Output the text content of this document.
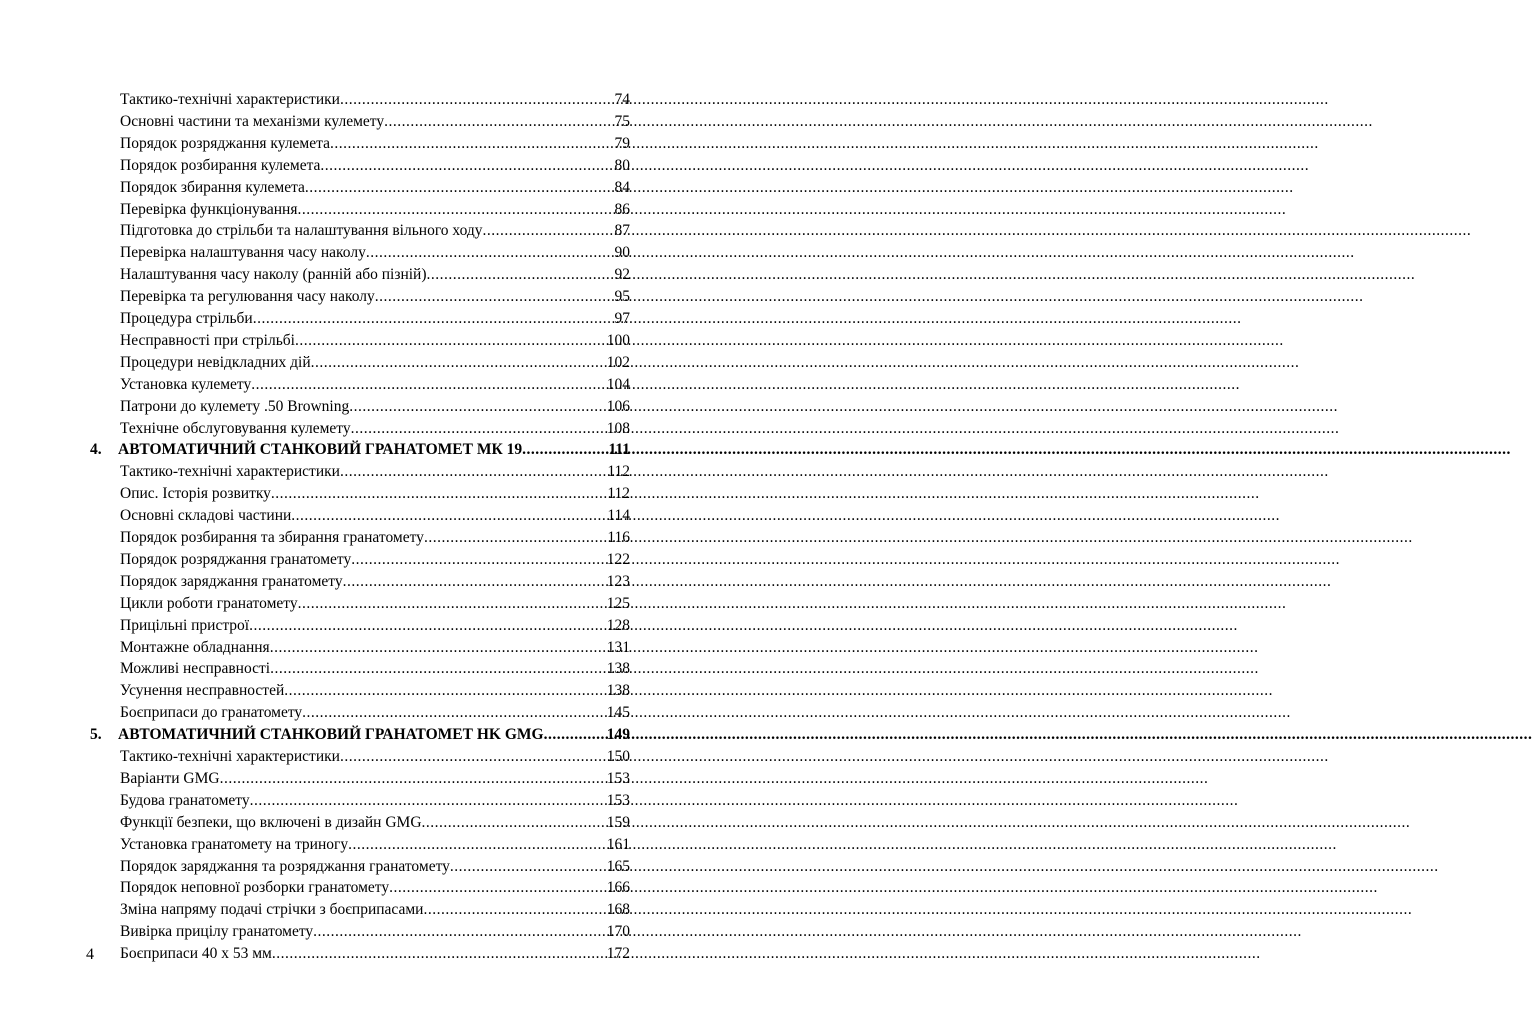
Тактико-технічні характеристики .....	74
Основні частини та механізми кулемету .....	75
Порядок розряджання кулемета .....	79
Порядок розбирання кулемета .....	80
Порядок збирання кулемета .....	84
Перевірка функціонування .....	86
Підготовка до стрільби та налаштування вільного ходу .....	87
Перевірка налаштування часу наколу .....	90
Налаштування часу наколу (ранній або пізній) .....	92
Перевірка та регулювання часу наколу .....	95
Процедура стрільби .....	97
Несправності при стрільбі .....	100
Процедури невідкладних дій .....	102
Установка кулемету .....	104
Патрони до кулемету .50 Browning .....	106
Технічне обслуговування кулемету .....	108
4.	АВТОМАТИЧНИЙ СТАНКОВИЙ ГРАНАТОМЕТ МК 19 .....	111
Тактико-технічні характеристики .....	112
Опис. Історія розвитку .....	112
Основні складові частини .....	114
Порядок розбирання та збирання гранатомету .....	116
Порядок розряджання гранатомету .....	122
Порядок заряджання гранатомету .....	123
Цикли роботи гранатомету .....	125
Прицільні пристрої .....	128
Монтажне обладнання .....	131
Можливі несправності .....	138
Усунення несправностей .....	138
Боєприпаси до гранатомету .....	145
5.	АВТОМАТИЧНИЙ СТАНКОВИЙ ГРАНАТОМЕТ HK GMG .....	149
Тактико-технічні характеристики .....	150
Варіанти GMG .....	153
Будова гранатомету .....	153
Функції безпеки, що включені в дизайн GMG .....	159
Установка гранатомету на триногу .....	161
Порядок заряджання та розряджання гранатомету .....	165
Порядок неповної розборки гранатомету .....	166
Зміна напряму подачі стрічки з боєприпасами .....	168
Вивірка прицілу гранатомету .....	170
Боєприпаси 40 х 53 мм .....	172
4
